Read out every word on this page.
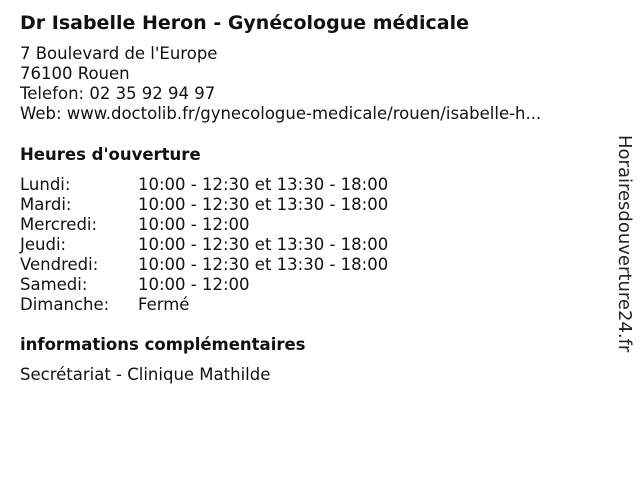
Dr Isabelle Heron - Gynécologue médicale
7 Boulevard de l'Europe
76100 Rouen
Telefon: 02 35 92 94 97
Web: www.doctolib.fr/gynecologue-medicale/rouen/isabelle-h...
Heures d'ouverture
Lundi:	10:00 - 12:30 et 13:30 - 18:00
Mardi:	10:00 - 12:30 et 13:30 - 18:00
Mercredi:	10:00 - 12:00
Jeudi:	10:00 - 12:30 et 13:30 - 18:00
Vendredi:	10:00 - 12:30 et 13:30 - 18:00
Samedi:	10:00 - 12:00
Dimanche:	Fermé
informations complémentaires
Secrétariat - Clinique Mathilde
Horairesdouverture24.fr
